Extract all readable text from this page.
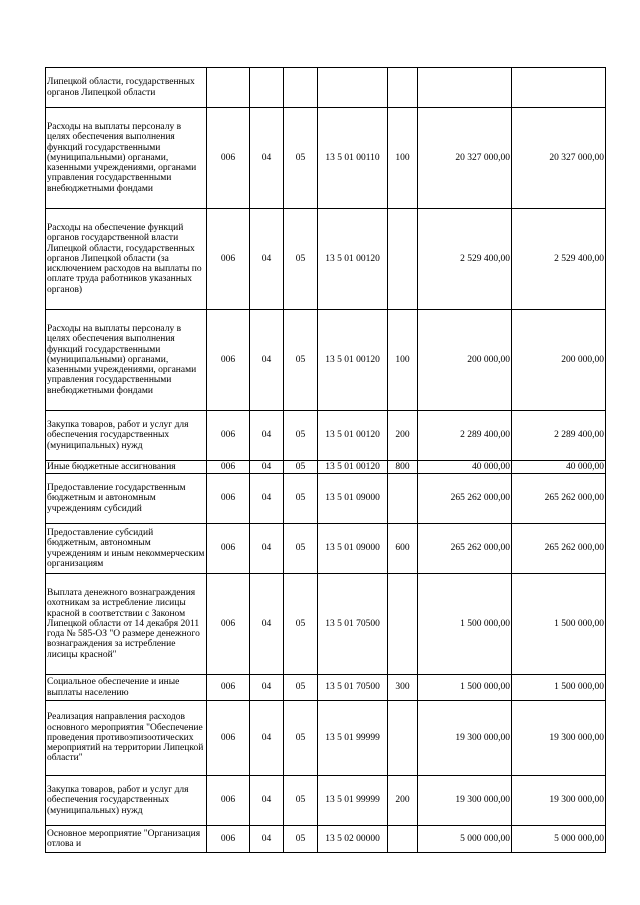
Липецкой области, государственных органов Липецкой области							
Расходы на выплаты персоналу в целях обеспечения выполнения функций государственными (муниципальными) органами, казенными учреждениями, органами управления государственными внебюджетными фондами	006	04	05	13 5 01 00110	100	20 327 000,00	20 327 000,00
Расходы на обеспечение функций органов государственной власти Липецкой области, государственных органов Липецкой области (за исключением расходов на выплаты по оплате труда работников указанных органов)	006	04	05	13 5 01 00120		2 529 400,00	2 529 400,00
Расходы на выплаты персоналу в целях обеспечения выполнения функций государственными (муниципальными) органами, казенными учреждениями, органами управления государственными внебюджетными фондами	006	04	05	13 5 01 00120	100	200 000,00	200 000,00
Закупка товаров, работ и услуг для обеспечения государственных (муниципальных) нужд	006	04	05	13 5 01 00120	200	2 289 400,00	2 289 400,00
Иные бюджетные ассигнования	006	04	05	13 5 01 00120	800	40 000,00	40 000,00
Предоставление государственным бюджетным и автономным учреждениям субсидий	006	04	05	13 5 01 09000		265 262 000,00	265 262 000,00
Предоставление субсидий бюджетным, автономным учреждениям и иным некоммерческим организациям	006	04	05	13 5 01 09000	600	265 262 000,00	265 262 000,00
Выплата денежного вознаграждения охотникам за истребление лисицы красной в соответствии с Законом Липецкой области от 14 декабря 2011 года № 585-ОЗ "О размере денежного вознаграждения за истребление лисицы красной"	006	04	05	13 5 01 70500		1 500 000,00	1 500 000,00
Социальное обеспечение и иные выплаты населению	006	04	05	13 5 01 70500	300	1 500 000,00	1 500 000,00
Реализация направления расходов основного мероприятия "Обеспечение проведения противоэпизоотических мероприятий на территории Липецкой области"	006	04	05	13 5 01 99999		19 300 000,00	19 300 000,00
Закупка товаров, работ и услуг для обеспечения государственных (муниципальных) нужд	006	04	05	13 5 01 99999	200	19 300 000,00	19 300 000,00
Основное мероприятие "Организация отлова и	006	04	05	13 5 02 00000		5 000 000,00	5 000 000,00
